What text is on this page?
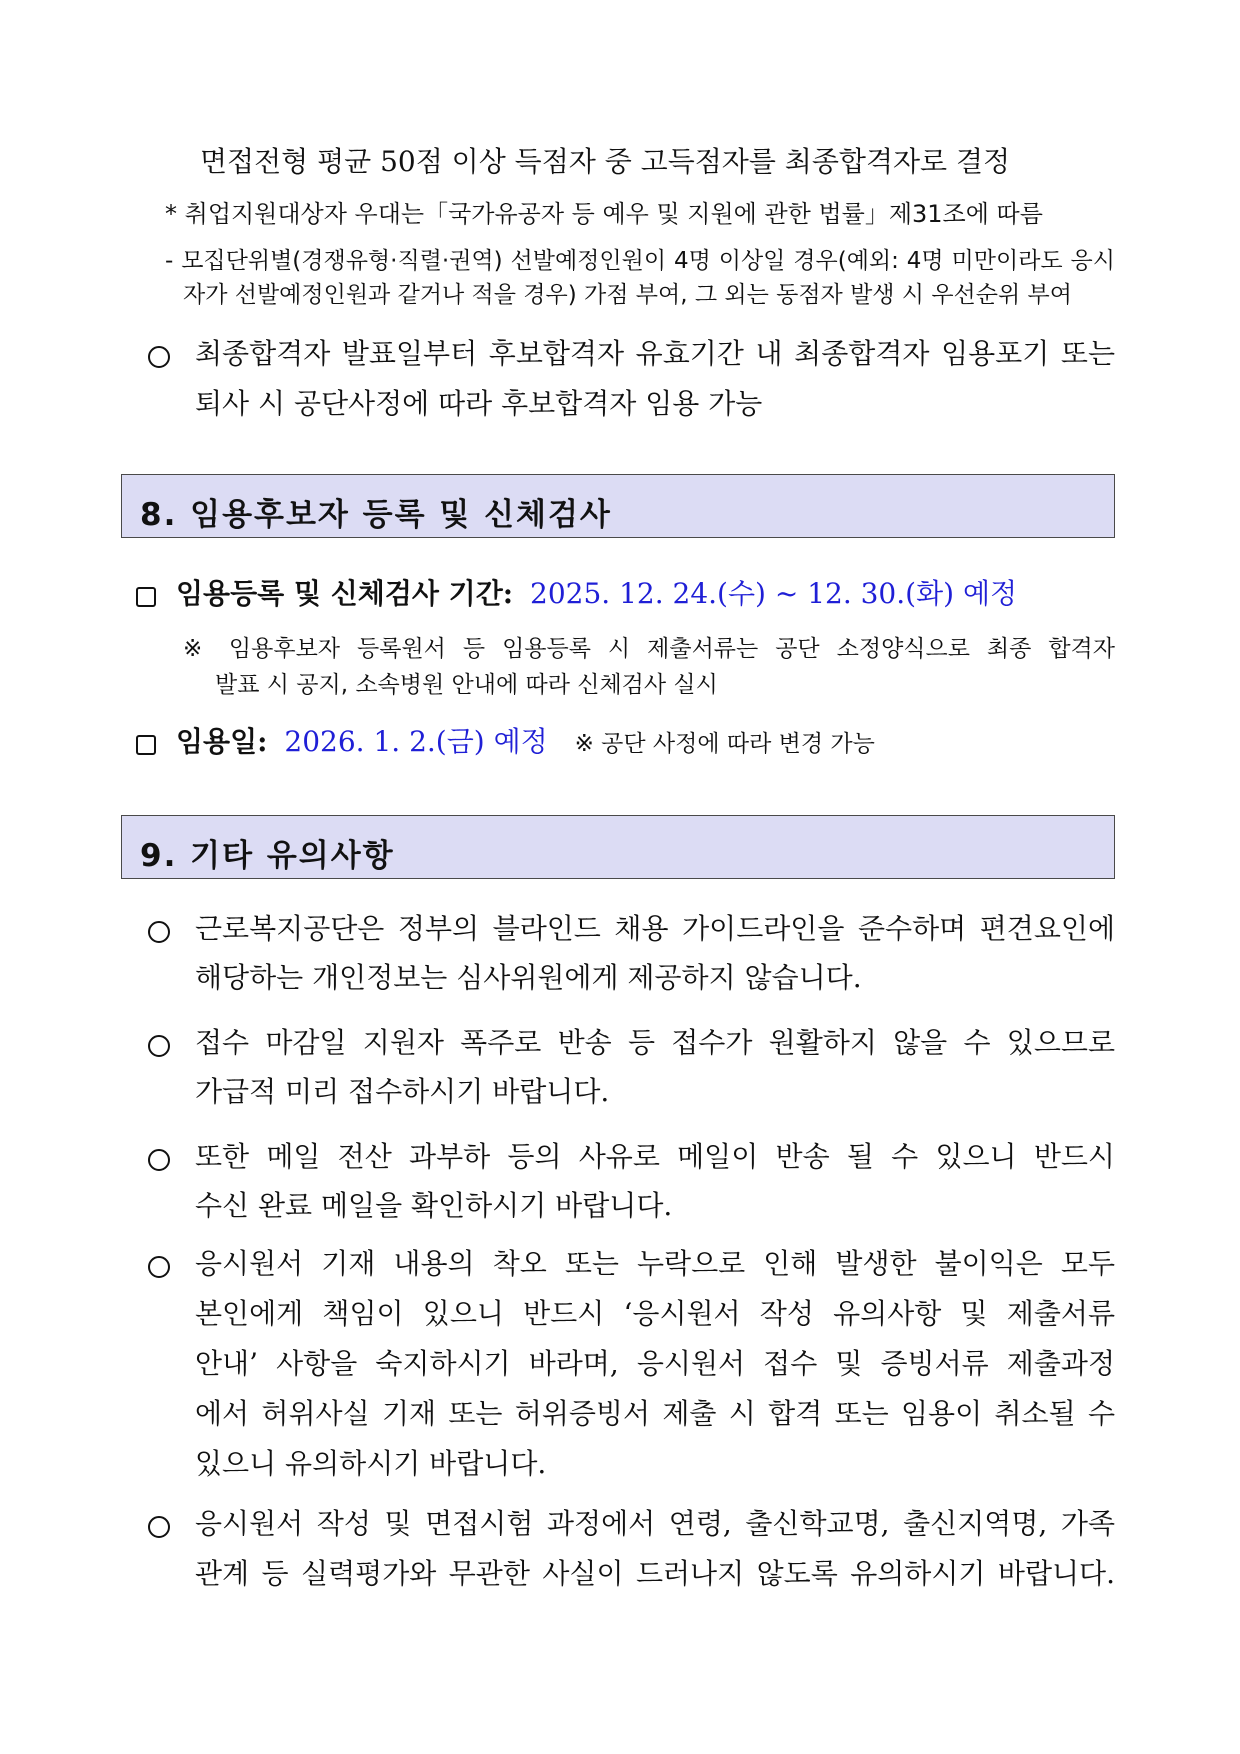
면접전형 평균 50점 이상 득점자 중 고득점자를 최종합격자로 결정
* 취업지원대상자 우대는「국가유공자 등 예우 및 지원에 관한 법률」제31조에 따름
- 모집단위별(경쟁유형·직렬·권역) 선발예정인원이 4명 이상일 경우(예외: 4명 미만이라도 응시
자가 선발예정인원과 같거나 적을 경우) 가점 부여, 그 외는 동점자 발생 시 우선순위 부여
최종합격자 발표일부터 후보합격자 유효기간 내 최종합격자 임용포기 또는
퇴사 시 공단사정에 따라 후보합격자 임용 가능
8. 임용후보자 등록 및 신체검사
임용등록 및 신체검사 기간: 2025. 12. 24.(수) ~ 12. 30.(화) 예정
※ 임용후보자 등록원서 등 임용등록 시 제출서류는 공단 소정양식으로 최종 합격자
발표 시 공지, 소속병원 안내에 따라 신체검사 실시
임용일: 2026. 1. 2.(금) 예정 ※ 공단 사정에 따라 변경 가능
9. 기타 유의사항
근로복지공단은 정부의 블라인드 채용 가이드라인을 준수하며 편견요인에
해당하는 개인정보는 심사위원에게 제공하지 않습니다.
접수 마감일 지원자 폭주로 반송 등 접수가 원활하지 않을 수 있으므로
가급적 미리 접수하시기 바랍니다.
또한 메일 전산 과부하 등의 사유로 메일이 반송 될 수 있으니 반드시
수신 완료 메일을 확인하시기 바랍니다.
응시원서 기재 내용의 착오 또는 누락으로 인해 발생한 불이익은 모두
본인에게 책임이 있으니 반드시 ‘응시원서 작성 유의사항 및 제출서류
안내’ 사항을 숙지하시기 바라며, 응시원서 접수 및 증빙서류 제출과정
에서 허위사실 기재 또는 허위증빙서 제출 시 합격 또는 임용이 취소될 수
있으니 유의하시기 바랍니다.
응시원서 작성 및 면접시험 과정에서 연령, 출신학교명, 출신지역명, 가족
관계 등 실력평가와 무관한 사실이 드러나지 않도록 유의하시기 바랍니다.
